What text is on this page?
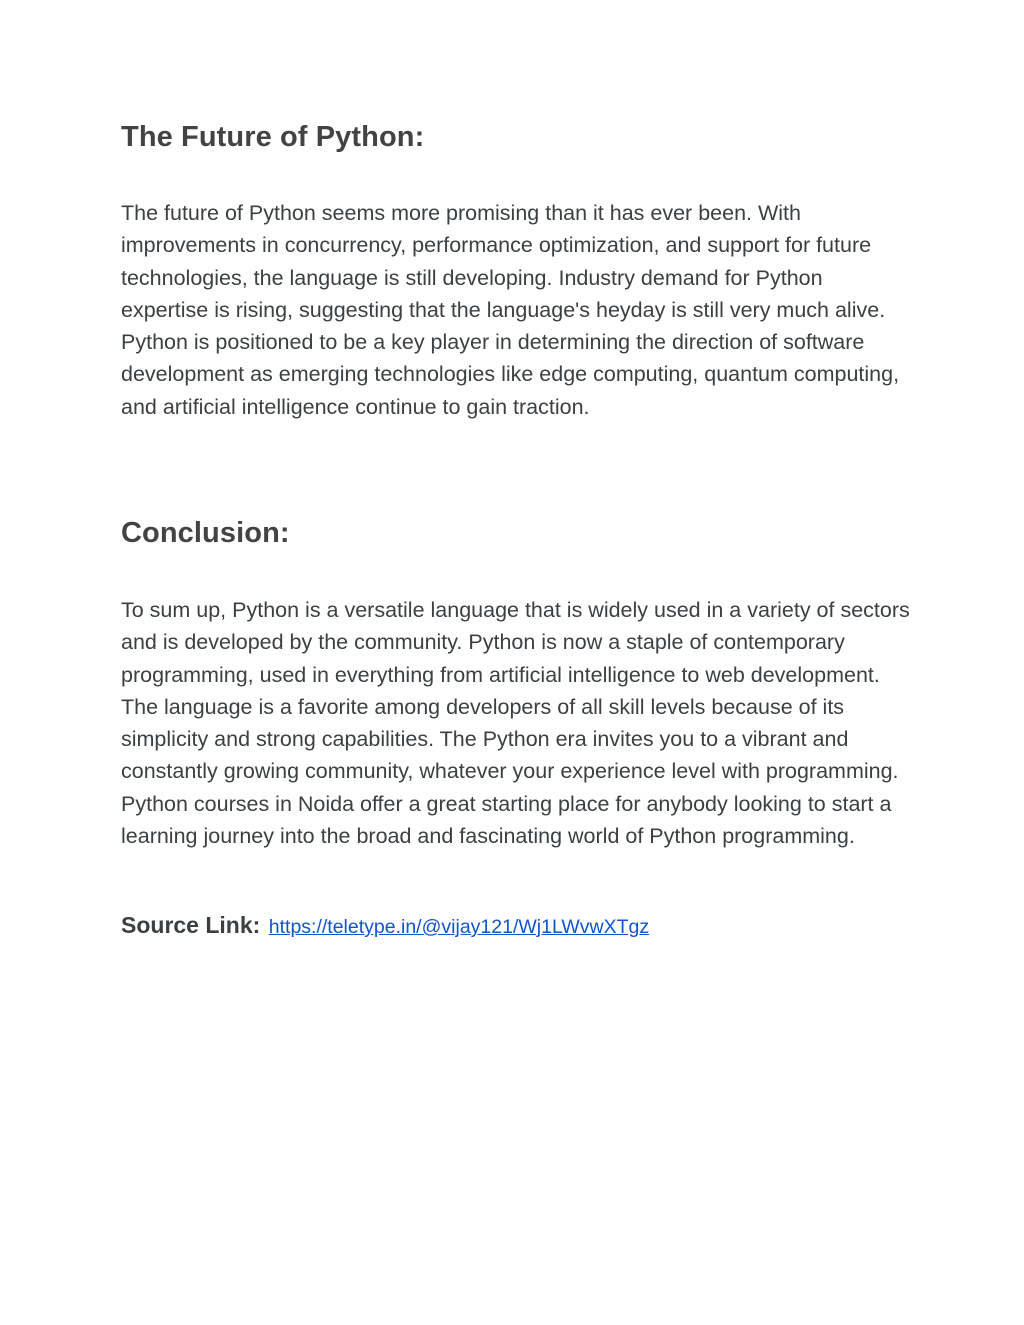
The Future of Python:

The future of Python seems more promising than it has ever been. With improvements in concurrency, performance optimization, and support for future technologies, the language is still developing. Industry demand for Python expertise is rising, suggesting that the language's heyday is still very much alive. Python is positioned to be a key player in determining the direction of software development as emerging technologies like edge computing, quantum computing, and artificial intelligence continue to gain traction.

Conclusion:

To sum up, Python is a versatile language that is widely used in a variety of sectors and is developed by the community. Python is now a staple of contemporary programming, used in everything from artificial intelligence to web development. The language is a favorite among developers of all skill levels because of its simplicity and strong capabilities. The Python era invites you to a vibrant and constantly growing community, whatever your experience level with programming. Python courses in Noida offer a great starting place for anybody looking to start a learning journey into the broad and fascinating world of Python programming.

Source Link: https://teletype.in/@vijay121/Wj1LWvwXTgz
